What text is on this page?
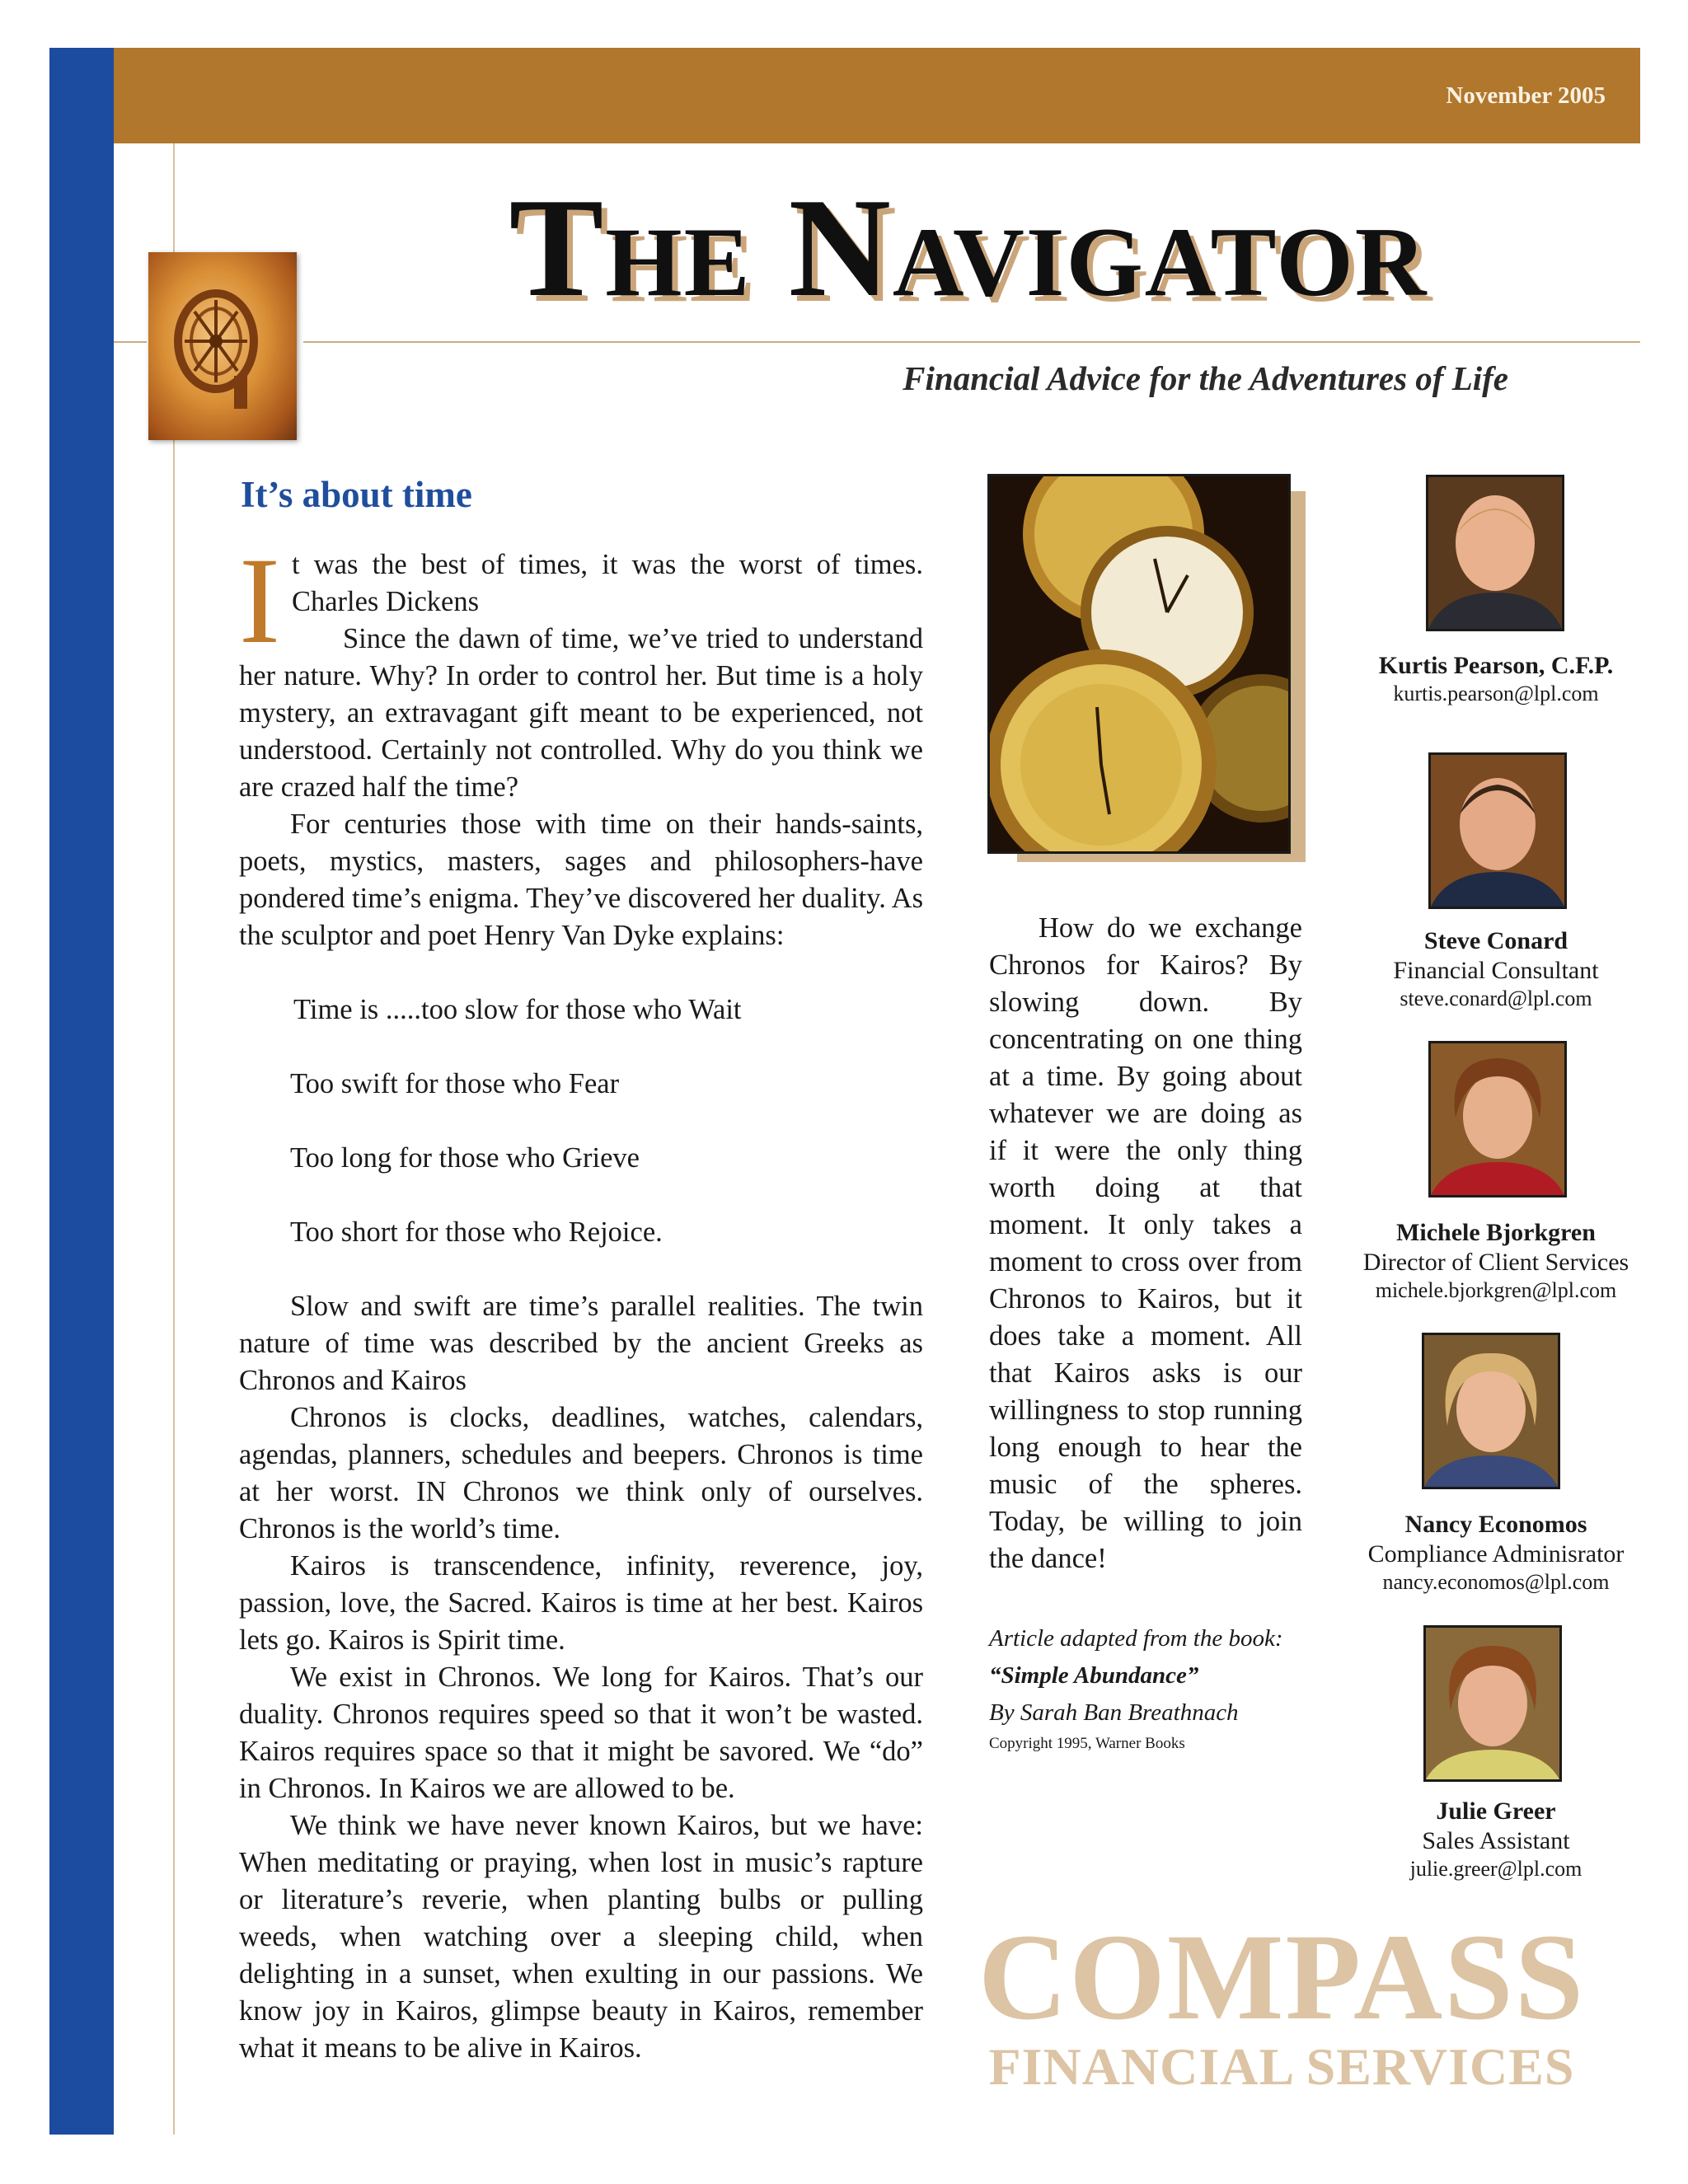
November 2005
The Navigator
Financial Advice for the Adventures of Life
It’s about time

It was the best of times, it was the worst of times. Charles Dickens

Since the dawn of time, we’ve tried to understand her nature. Why? In order to control her. But time is a holy mystery, an extravagant gift meant to be experienced, not understood. Certainly not controlled. Why do you think we are crazed half the time?

For centuries those with time on their hands-saints, poets, mystics, masters, sages and philosophers-have pondered time’s enigma. They’ve discovered her duality. As the sculptor and poet Henry Van Dyke explains:

Time is .....too slow for those who Wait

Too swift for those who Fear

Too long for those who Grieve

Too short for those who Rejoice.

Slow and swift are time’s parallel realities. The twin nature of time was described by the ancient Greeks as Chronos and Kairos

Chronos is clocks, deadlines, watches, calendars, agendas, planners, schedules and beepers. Chronos is time at her worst. IN Chronos we think only of ourselves. Chronos is the world’s time.

Kairos is transcendence, infinity, reverence, joy, passion, love, the Sacred. Kairos is time at her best. Kairos lets go. Kairos is Spirit time.

We exist in Chronos. We long for Kairos. That’s our duality. Chronos requires speed so that it won’t be wasted. Kairos requires space so that it might be savored. We “do” in Chronos. In Kairos we are allowed to be.

We think we have never known Kairos, but we have: When meditating or praying, when lost in music’s rapture or literature’s reverie, when planting bulbs or pulling weeds, when watching over a sleeping child, when delighting in a sunset, when exulting in our passions. We know joy in Kairos, glimpse beauty in Kairos, remember what it means to be alive in Kairos.

How do we exchange Chronos for Kairos? By slowing down. By concentrating on one thing at a time. By going about whatever we are doing as if it were the only thing worth doing at that moment. It only takes a moment to cross over from Chronos to Kairos, but it does take a moment. All that Kairos asks is our willingness to stop running long enough to hear the music of the spheres. Today, be willing to join the dance!

Article adapted from the book:
“Simple Abundance”
By Sarah Ban Breathnach
Copyright 1995, Warner Books
Kurtis Pearson, C.F.P.
kurtis.pearson@lpl.com
Steve Conard
Financial Consultant
steve.conard@lpl.com
Michele Bjorkgren
Director of Client Services
michele.bjorkgren@lpl.com
Nancy Economos
Compliance Adminisrator
nancy.economos@lpl.com
Julie Greer
Sales Assistant
julie.greer@lpl.com
COMPASS
FINANCIAL SERVICES
